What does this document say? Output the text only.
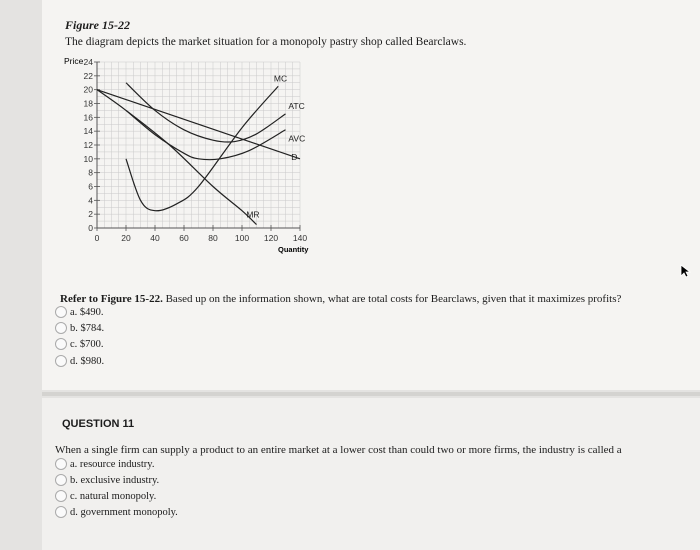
Figure 15-22
The diagram depicts the market situation for a monopoly pastry shop called Bearclaws.
Price
Quantity
0
2
4
6
8
10
12
14
16
18
20
22
24
0	20 40 60 80 100 120 140
MC
ATC
AVC
D
MR
Refer to Figure 15-22. Based up on the information shown, what are total costs for Bearclaws, given that it maximizes profits?
a. $490.
b. $784.
c. $700.
d. $980.
QUESTION 11
When a single firm can supply a product to an entire market at a lower cost than could two or more firms, the industry is called a
a. resource industry.
b. exclusive industry.
c. natural monopoly.
d. government monopoly.
